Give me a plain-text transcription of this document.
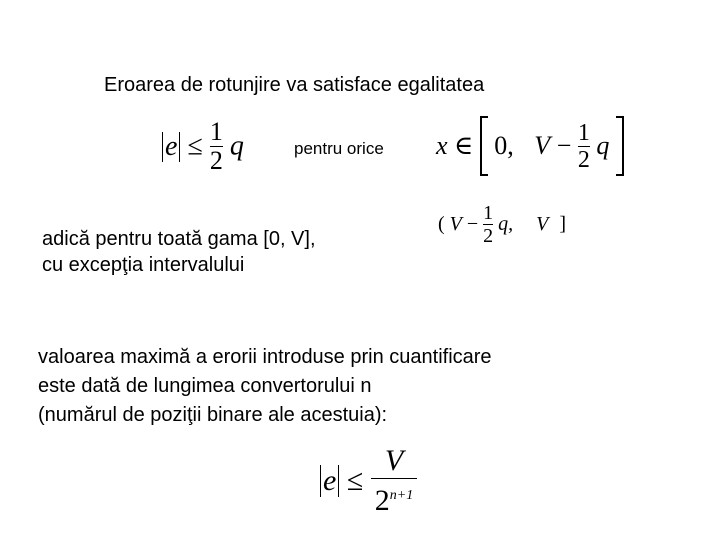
Eroarea de rotunjire va satisface egalitatea
$e \le \frac{1}{2}$ q	pentru orice x ∈ 0, $V - \frac{1}{2}$ q
adică pentru toată gama [0, V],
cu excepţia intervalului
( $V - \frac{1}{2} q$, V ]
valoarea maximă a erorii introduse prin cuantificare
este dată de lungimea convertorului n
(numărul de poziţii binare ale acestuia):
$e \le \frac{V}{2^{n+1}}$
